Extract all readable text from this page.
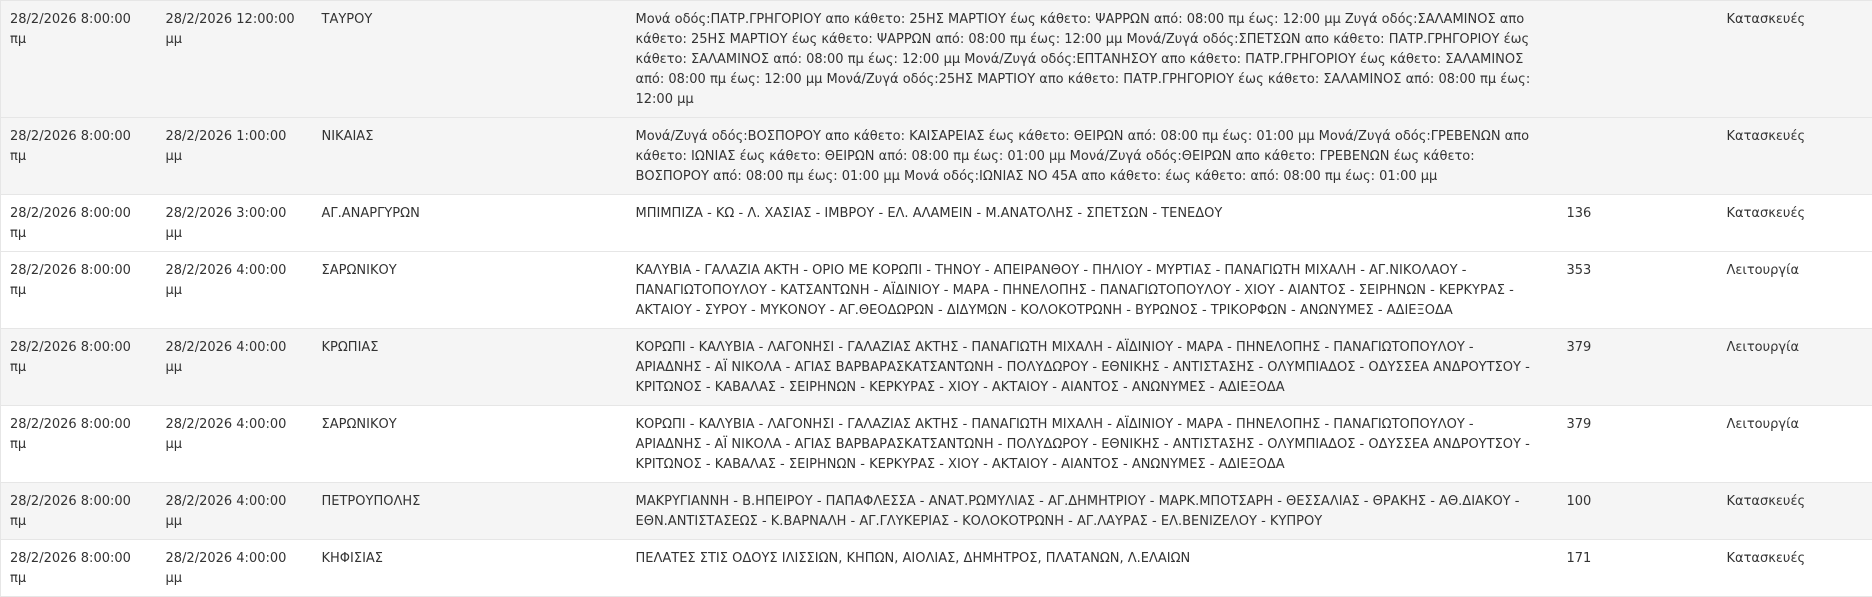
28/2/2026 8:00:00 πμ	28/2/2026 12:00:00 μμ	ΤΑΥΡΟΥ	Μονά οδός:ΠΑΤΡ.ΓΡΗΓΟΡΙΟΥ απο κάθετο: 25ΗΣ ΜΑΡΤΙΟΥ έως κάθετο: ΨΑΡΡΩΝ από: 08:00 πμ έως: 12:00 μμ Ζυγά οδός:ΣΑΛΑΜΙΝΟΣ απο κάθετο: 25ΗΣ ΜΑΡΤΙΟΥ έως κάθετο: ΨΑΡΡΩΝ από: 08:00 πμ έως: 12:00 μμ Μονά/Ζυγά οδός:ΣΠΕΤΣΩΝ απο κάθετο: ΠΑΤΡ.ΓΡΗΓΟΡΙΟΥ έως κάθετο: ΣΑΛΑΜΙΝΟΣ από: 08:00 πμ έως: 12:00 μμ Μονά/Ζυγά οδός:ΕΠΤΑΝΗΣΟΥ απο κάθετο: ΠΑΤΡ.ΓΡΗΓΟΡΙΟΥ έως κάθετο: ΣΑΛΑΜΙΝΟΣ από: 08:00 πμ έως: 12:00 μμ Μονά/Ζυγά οδός:25ΗΣ ΜΑΡΤΙΟΥ απο κάθετο: ΠΑΤΡ.ΓΡΗΓΟΡΙΟΥ έως κάθετο: ΣΑΛΑΜΙΝΟΣ από: 08:00 πμ έως: 12:00 μμ		Κατασκευές
28/2/2026 8:00:00 πμ	28/2/2026 1:00:00 μμ	ΝΙΚΑΙΑΣ	Μονά/Ζυγά οδός:ΒΟΣΠΟΡΟΥ απο κάθετο: ΚΑΙΣΑΡΕΙΑΣ έως κάθετο: ΘΕΙΡΩΝ από: 08:00 πμ έως: 01:00 μμ Μονά/Ζυγά οδός:ΓΡΕΒΕΝΩΝ απο κάθετο: ΙΩΝΙΑΣ έως κάθετο: ΘΕΙΡΩΝ από: 08:00 πμ έως: 01:00 μμ Μονά/Ζυγά οδός:ΘΕΙΡΩΝ απο κάθετο: ΓΡΕΒΕΝΩΝ έως κάθετο: ΒΟΣΠΟΡΟΥ από: 08:00 πμ έως: 01:00 μμ Μονά οδός:ΙΩΝΙΑΣ ΝΟ 45Α απο κάθετο: έως κάθετο: από: 08:00 πμ έως: 01:00 μμ		Κατασκευές
28/2/2026 8:00:00 πμ	28/2/2026 3:00:00 μμ	ΑΓ.ΑΝΑΡΓΥΡΩΝ	ΜΠΙΜΠΙΖΑ - ΚΩ - Λ. ΧΑΣΙΑΣ - ΙΜΒΡΟΥ - ΕΛ. ΑΛΑΜΕΙΝ - Μ.ΑΝΑΤΟΛΗΣ - ΣΠΕΤΣΩΝ - ΤΕΝΕΔΟΥ	136	Κατασκευές
28/2/2026 8:00:00 πμ	28/2/2026 4:00:00 μμ	ΣΑΡΩΝΙΚΟΥ	ΚΑΛΥΒΙΑ - ΓΑΛΑΖΙΑ ΑΚΤΗ - ΟΡΙΟ ΜΕ ΚΟΡΩΠΙ - ΤΗΝΟΥ - ΑΠΕΙΡΑΝΘΟΥ - ΠΗΛΙΟΥ - ΜΥΡΤΙΑΣ - ΠΑΝΑΓΙΩΤΗ ΜΙΧΑΛΗ - ΑΓ.ΝΙΚΟΛΑΟΥ - ΠΑΝΑΓΙΩΤΟΠΟΥΛΟΥ - ΚΑΤΣΑΝΤΩΝΗ - ΑΪΔΙΝΙΟΥ - ΜΑΡΑ - ΠΗΝΕΛΟΠΗΣ - ΠΑΝΑΓΙΩΤΟΠΟΥΛΟΥ - ΧΙΟΥ - ΑΙΑΝΤΟΣ - ΣΕΙΡΗΝΩΝ - ΚΕΡΚΥΡΑΣ - ΑΚΤΑΙΟΥ - ΣΥΡΟΥ - ΜΥΚΟΝΟΥ - ΑΓ.ΘΕΟΔΩΡΩΝ - ΔΙΔΥΜΩΝ - ΚΟΛΟΚΟΤΡΩΝΗ - ΒΥΡΩΝΟΣ - ΤΡΙΚΟΡΦΩΝ - ΑΝΩΝΥΜΕΣ - ΑΔΙΕΞΟΔΑ	353	Λειτουργία
28/2/2026 8:00:00 πμ	28/2/2026 4:00:00 μμ	ΚΡΩΠΙΑΣ	ΚΟΡΩΠΙ - ΚΑΛΥΒΙΑ - ΛΑΓΟΝΗΣΙ - ΓΑΛΑΖΙΑΣ ΑΚΤΗΣ - ΠΑΝΑΓΙΩΤΗ ΜΙΧΑΛΗ - ΑΪΔΙΝΙΟΥ - ΜΑΡΑ - ΠΗΝΕΛΟΠΗΣ - ΠΑΝΑΓΙΩΤΟΠΟΥΛΟΥ - ΑΡΙΑΔΝΗΣ - ΑΪ ΝΙΚΟΛΑ - ΑΓΙΑΣ ΒΑΡΒΑΡΑΣΚΑΤΣΑΝΤΩΝΗ - ΠΟΛΥΔΩΡΟΥ - ΕΘΝΙΚΗΣ - ΑΝΤΙΣΤΑΣΗΣ - ΟΛΥΜΠΙΑΔΟΣ - ΟΔΥΣΣΕΑ ΑΝΔΡΟΥΤΣΟΥ - ΚΡΙΤΩΝΟΣ - ΚΑΒΑΛΑΣ - ΣΕΙΡΗΝΩΝ - ΚΕΡΚΥΡΑΣ - ΧΙΟΥ - ΑΚΤΑΙΟΥ - ΑΙΑΝΤΟΣ - ΑΝΩΝΥΜΕΣ - ΑΔΙΕΞΟΔΑ	379	Λειτουργία
28/2/2026 8:00:00 πμ	28/2/2026 4:00:00 μμ	ΣΑΡΩΝΙΚΟΥ	ΚΟΡΩΠΙ - ΚΑΛΥΒΙΑ - ΛΑΓΟΝΗΣΙ - ΓΑΛΑΖΙΑΣ ΑΚΤΗΣ - ΠΑΝΑΓΙΩΤΗ ΜΙΧΑΛΗ - ΑΪΔΙΝΙΟΥ - ΜΑΡΑ - ΠΗΝΕΛΟΠΗΣ - ΠΑΝΑΓΙΩΤΟΠΟΥΛΟΥ - ΑΡΙΑΔΝΗΣ - ΑΪ ΝΙΚΟΛΑ - ΑΓΙΑΣ ΒΑΡΒΑΡΑΣΚΑΤΣΑΝΤΩΝΗ - ΠΟΛΥΔΩΡΟΥ - ΕΘΝΙΚΗΣ - ΑΝΤΙΣΤΑΣΗΣ - ΟΛΥΜΠΙΑΔΟΣ - ΟΔΥΣΣΕΑ ΑΝΔΡΟΥΤΣΟΥ - ΚΡΙΤΩΝΟΣ - ΚΑΒΑΛΑΣ - ΣΕΙΡΗΝΩΝ - ΚΕΡΚΥΡΑΣ - ΧΙΟΥ - ΑΚΤΑΙΟΥ - ΑΙΑΝΤΟΣ - ΑΝΩΝΥΜΕΣ - ΑΔΙΕΞΟΔΑ	379	Λειτουργία
28/2/2026 8:00:00 πμ	28/2/2026 4:00:00 μμ	ΠΕΤΡΟΥΠΟΛΗΣ	ΜΑΚΡΥΓΙΑΝΝΗ - Β.ΗΠΕΙΡΟΥ - ΠΑΠΑΦΛΕΣΣΑ - ΑΝΑΤ.ΡΩΜΥΛΙΑΣ - ΑΓ.ΔΗΜΗΤΡΙΟΥ - ΜΑΡΚ.ΜΠΟΤΣΑΡΗ - ΘΕΣΣΑΛΙΑΣ - ΘΡΑΚΗΣ - ΑΘ.ΔΙΑΚΟΥ - ΕΘΝ.ΑΝΤΙΣΤΑΣΕΩΣ - Κ.ΒΑΡΝΑΛΗ - ΑΓ.ΓΛΥΚΕΡΙΑΣ - ΚΟΛΟΚΟΤΡΩΝΗ - ΑΓ.ΛΑΥΡΑΣ - ΕΛ.ΒΕΝΙΖΕΛΟΥ - ΚΥΠΡΟΥ	100	Κατασκευές
28/2/2026 8:00:00 πμ	28/2/2026 4:00:00 μμ	ΚΗΦΙΣΙΑΣ	ΠΕΛΑΤΕΣ ΣΤΙΣ ΟΔΟΥΣ ΙΛΙΣΣΙΩΝ, ΚΗΠΩΝ, ΑΙΟΛΙΑΣ, ΔΗΜΗΤΡΟΣ, ΠΛΑΤΑΝΩΝ, Λ.ΕΛΑΙΩΝ	171	Κατασκευές
